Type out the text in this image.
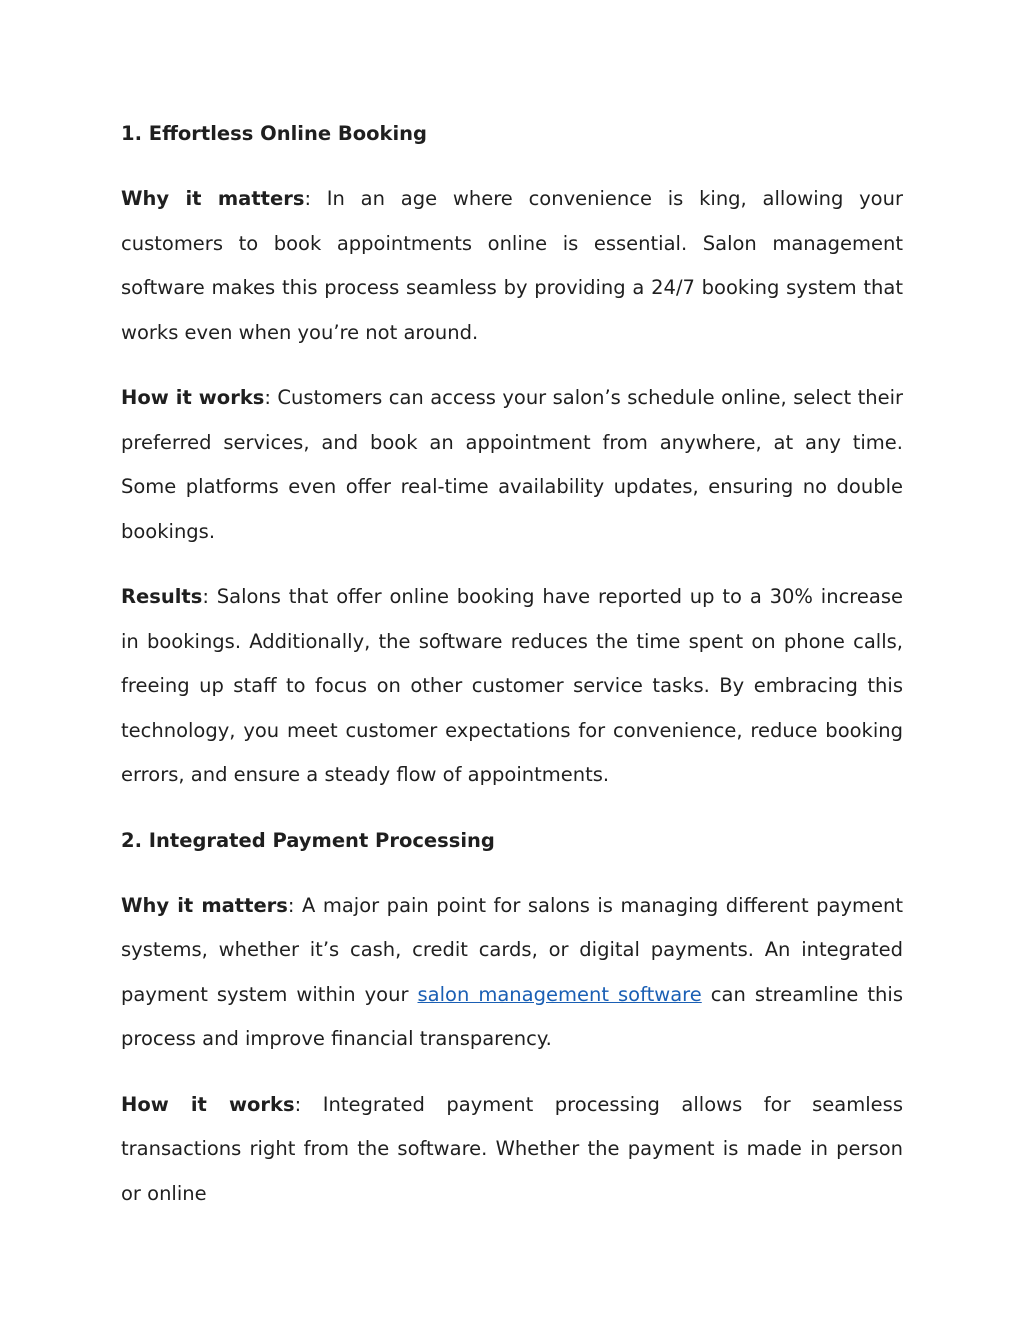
1. Effortless Online Booking

Why it matters: In an age where convenience is king, allowing your customers to book appointments online is essential. Salon management software makes this process seamless by providing a 24/7 booking system that works even when you’re not around.

How it works: Customers can access your salon’s schedule online, select their preferred services, and book an appointment from anywhere, at any time. Some platforms even offer real-time availability updates, ensuring no double bookings.

Results: Salons that offer online booking have reported up to a 30% increase in bookings. Additionally, the software reduces the time spent on phone calls, freeing up staff to focus on other customer service tasks. By embracing this technology, you meet customer expectations for convenience, reduce booking errors, and ensure a steady flow of appointments.

2. Integrated Payment Processing

Why it matters: A major pain point for salons is managing different payment systems, whether it’s cash, credit cards, or digital payments. An integrated payment system within your salon management software can streamline this process and improve financial transparency.

How it works: Integrated payment processing allows for seamless transactions right from the software. Whether the payment is made in person or online
